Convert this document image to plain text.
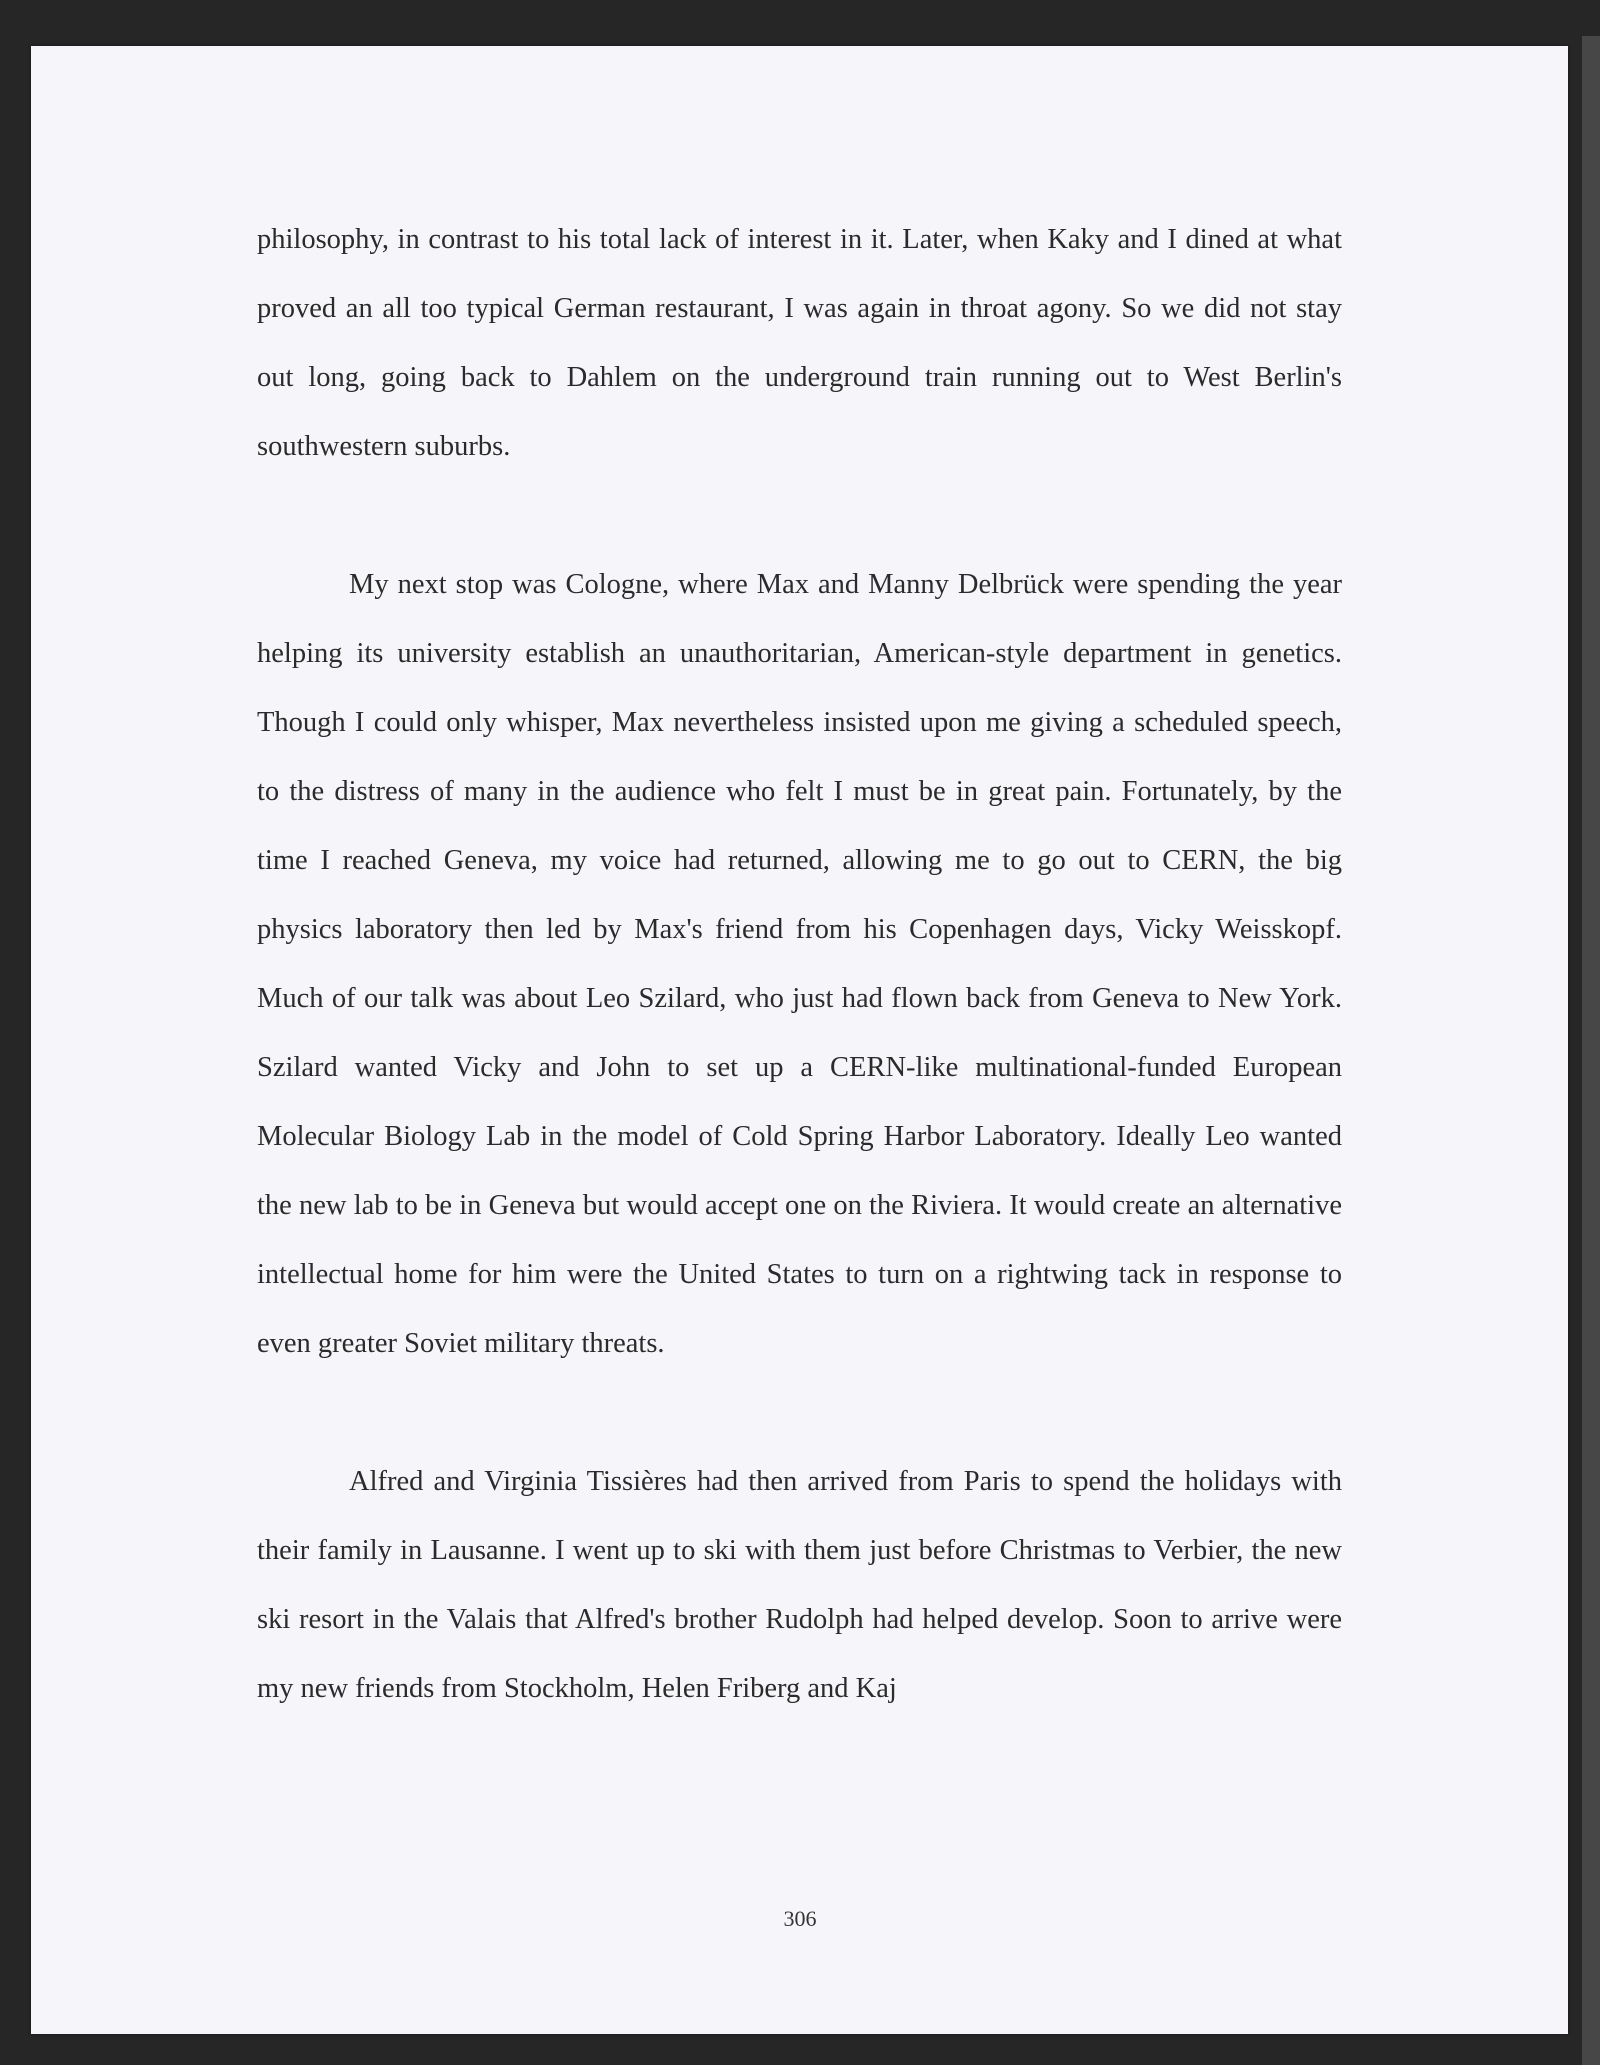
philosophy, in contrast to his total lack of interest in it. Later, when Kaky and I dined at what proved an all too typical German restaurant, I was again in throat agony. So we did not stay out long, going back to Dahlem on the underground train running out to West Berlin's southwestern suburbs.

My next stop was Cologne, where Max and Manny Delbrück were spending the year helping its university establish an unauthoritarian, American-style department in genetics. Though I could only whisper, Max nevertheless insisted upon me giving a scheduled speech, to the distress of many in the audience who felt I must be in great pain. Fortunately, by the time I reached Geneva, my voice had returned, allowing me to go out to CERN, the big physics laboratory then led by Max's friend from his Copenhagen days, Vicky Weisskopf. Much of our talk was about Leo Szilard, who just had flown back from Geneva to New York. Szilard wanted Vicky and John to set up a CERN-like multinational-funded European Molecular Biology Lab in the model of Cold Spring Harbor Laboratory. Ideally Leo wanted the new lab to be in Geneva but would accept one on the Riviera. It would create an alternative intellectual home for him were the United States to turn on a rightwing tack in response to even greater Soviet military threats.

Alfred and Virginia Tissières had then arrived from Paris to spend the holidays with their family in Lausanne. I went up to ski with them just before Christmas to Verbier, the new ski resort in the Valais that Alfred's brother Rudolph had helped develop. Soon to arrive were my new friends from Stockholm, Helen Friberg and Kaj

306
